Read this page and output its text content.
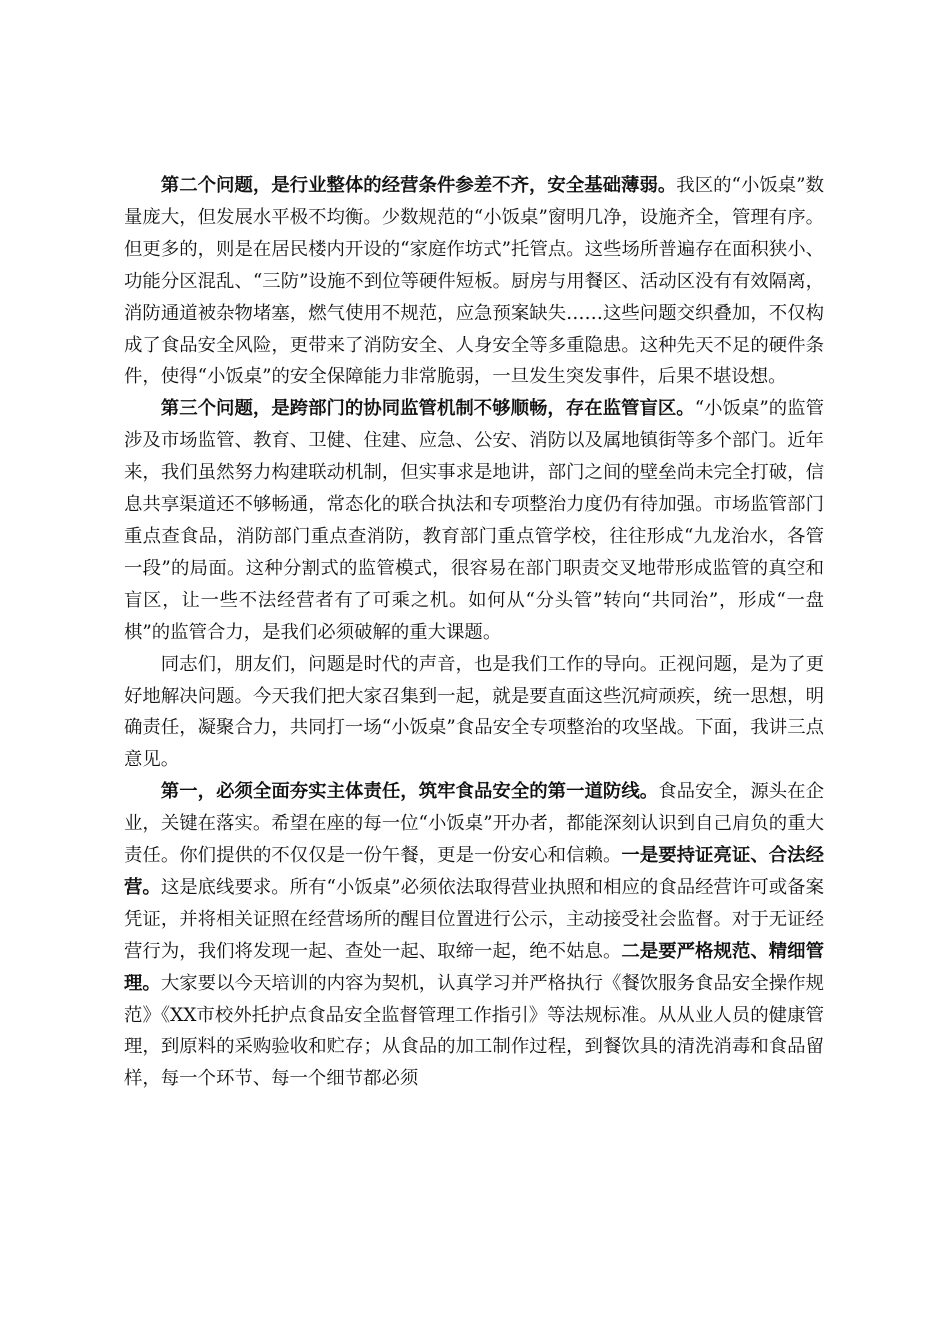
第二个问题，是行业整体的经营条件参差不齐，安全基础薄弱。我区的“小饭桌”数量庞大，但发展水平极不均衡。少数规范的“小饭桌”窗明几净，设施齐全，管理有序。但更多的，则是在居民楼内开设的“家庭作坊式”托管点。这些场所普遍存在面积狭小、功能分区混乱、“三防”设施不到位等硬件短板。厨房与用餐区、活动区没有有效隔离，消防通道被杂物堵塞，燃气使用不规范，应急预案缺失……这些问题交织叠加，不仅构成了食品安全风险，更带来了消防安全、人身安全等多重隐患。这种先天不足的硬件条件，使得“小饭桌”的安全保障能力非常脆弱，一旦发生突发事件，后果不堪设想。

第三个问题，是跨部门的协同监管机制不够顺畅，存在监管盲区。“小饭桌”的监管涉及市场监管、教育、卫健、住建、应急、公安、消防以及属地镇街等多个部门。近年来，我们虽然努力构建联动机制，但实事求是地讲，部门之间的壁垒尚未完全打破，信息共享渠道还不够畅通，常态化的联合执法和专项整治力度仍有待加强。市场监管部门重点查食品，消防部门重点查消防，教育部门重点管学校，往往形成“九龙治水，各管一段”的局面。这种分割式的监管模式，很容易在部门职责交叉地带形成监管的真空和盲区，让一些不法经营者有了可乘之机。如何从“分头管”转向“共同治”，形成“一盘棋”的监管合力，是我们必须破解的重大课题。

同志们，朋友们，问题是时代的声音，也是我们工作的导向。正视问题，是为了更好地解决问题。今天我们把大家召集到一起，就是要直面这些沉疴顽疾，统一思想，明确责任，凝聚合力，共同打一场“小饭桌”食品安全专项整治的攻坚战。下面，我讲三点意见。

第一，必须全面夯实主体责任，筑牢食品安全的第一道防线。食品安全，源头在企业，关键在落实。希望在座的每一位“小饭桌”开办者，都能深刻认识到自己肩负的重大责任。你们提供的不仅仅是一份午餐，更是一份安心和信赖。一是要持证亮证、合法经营。这是底线要求。所有“小饭桌”必须依法取得营业执照和相应的食品经营许可或备案凭证，并将相关证照在经营场所的醒目位置进行公示，主动接受社会监督。对于无证经营行为，我们将发现一起、查处一起、取缔一起，绝不姑息。二是要严格规范、精细管理。大家要以今天培训的内容为契机，认真学习并严格执行《餐饮服务食品安全操作规范》《XX市校外托护点食品安全监督管理工作指引》等法规标准。从从业人员的健康管理，到原料的采购验收和贮存；从食品的加工制作过程，到餐饮具的清洗消毒和食品留样，每一个环节、每一个细节都必须
